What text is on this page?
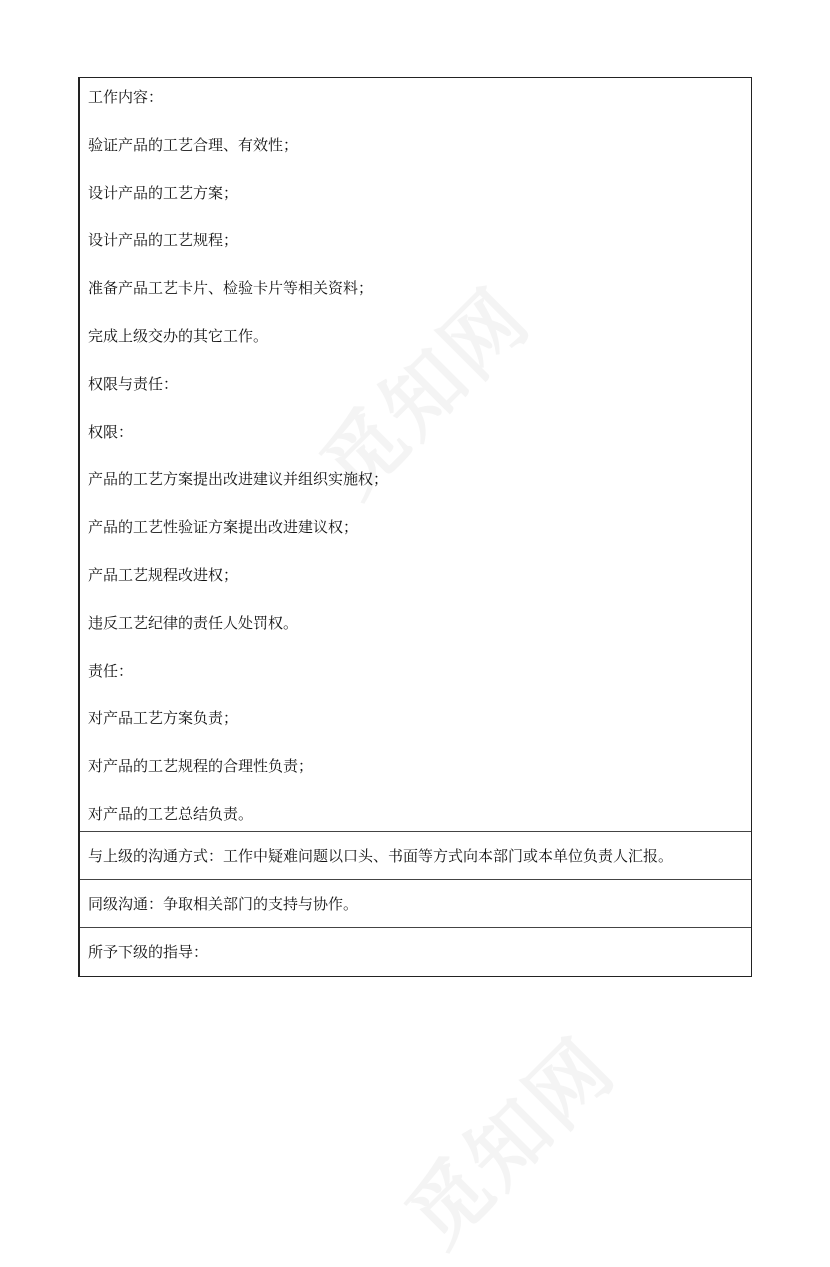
工作内容：
验证产品的工艺合理、有效性；
设计产品的工艺方案；
设计产品的工艺规程；
准备产品工艺卡片、检验卡片等相关资料；
完成上级交办的其它工作。
权限与责任：
权限：
产品的工艺方案提出改进建议并组织实施权；
产品的工艺性验证方案提出改进建议权；
产品工艺规程改进权；
违反工艺纪律的责任人处罚权。
责任：
对产品工艺方案负责；
对产品的工艺规程的合理性负责；
对产品的工艺总结负责。
与上级的沟通方式：工作中疑难问题以口头、书面等方式向本部门或本单位负责人汇报。
同级沟通：争取相关部门的支持与协作。
所予下级的指导：
